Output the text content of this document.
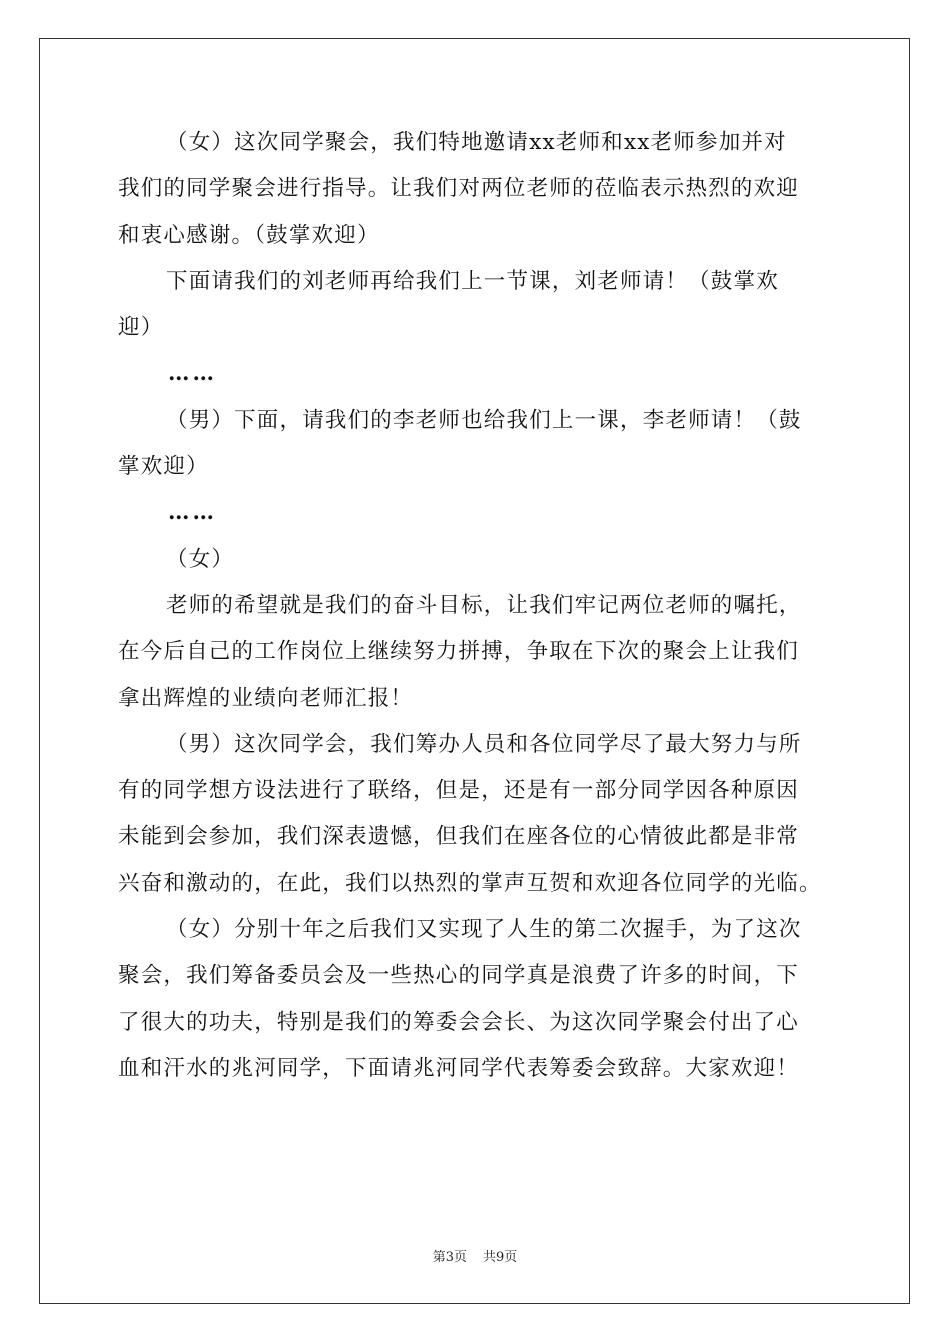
（女）这次同学聚会，我们特地邀请xx老师和xx老师参加并对
我们的同学聚会进行指导。让我们对两位老师的莅临表示热烈的欢迎
和衷心感谢。（鼓掌欢迎）
下面请我们的刘老师再给我们上一节课，刘老师请！（鼓掌欢
迎）
……
（男）下面，请我们的李老师也给我们上一课，李老师请！（鼓
掌欢迎）
……
（女）
老师的希望就是我们的奋斗目标，让我们牢记两位老师的嘱托，
在今后自己的工作岗位上继续努力拼搏，争取在下次的聚会上让我们
拿出辉煌的业绩向老师汇报！
（男）这次同学会，我们筹办人员和各位同学尽了最大努力与所
有的同学想方设法进行了联络，但是，还是有一部分同学因各种原因
未能到会参加，我们深表遗憾，但我们在座各位的心情彼此都是非常
兴奋和激动的，在此，我们以热烈的掌声互贺和欢迎各位同学的光临。
（女）分别十年之后我们又实现了人生的第二次握手，为了这次
聚会，我们筹备委员会及一些热心的同学真是浪费了许多的时间，下
了很大的功夫，特别是我们的筹委会会长、为这次同学聚会付出了心
血和汗水的兆河同学，下面请兆河同学代表筹委会致辞。大家欢迎！
第3页 共9页
